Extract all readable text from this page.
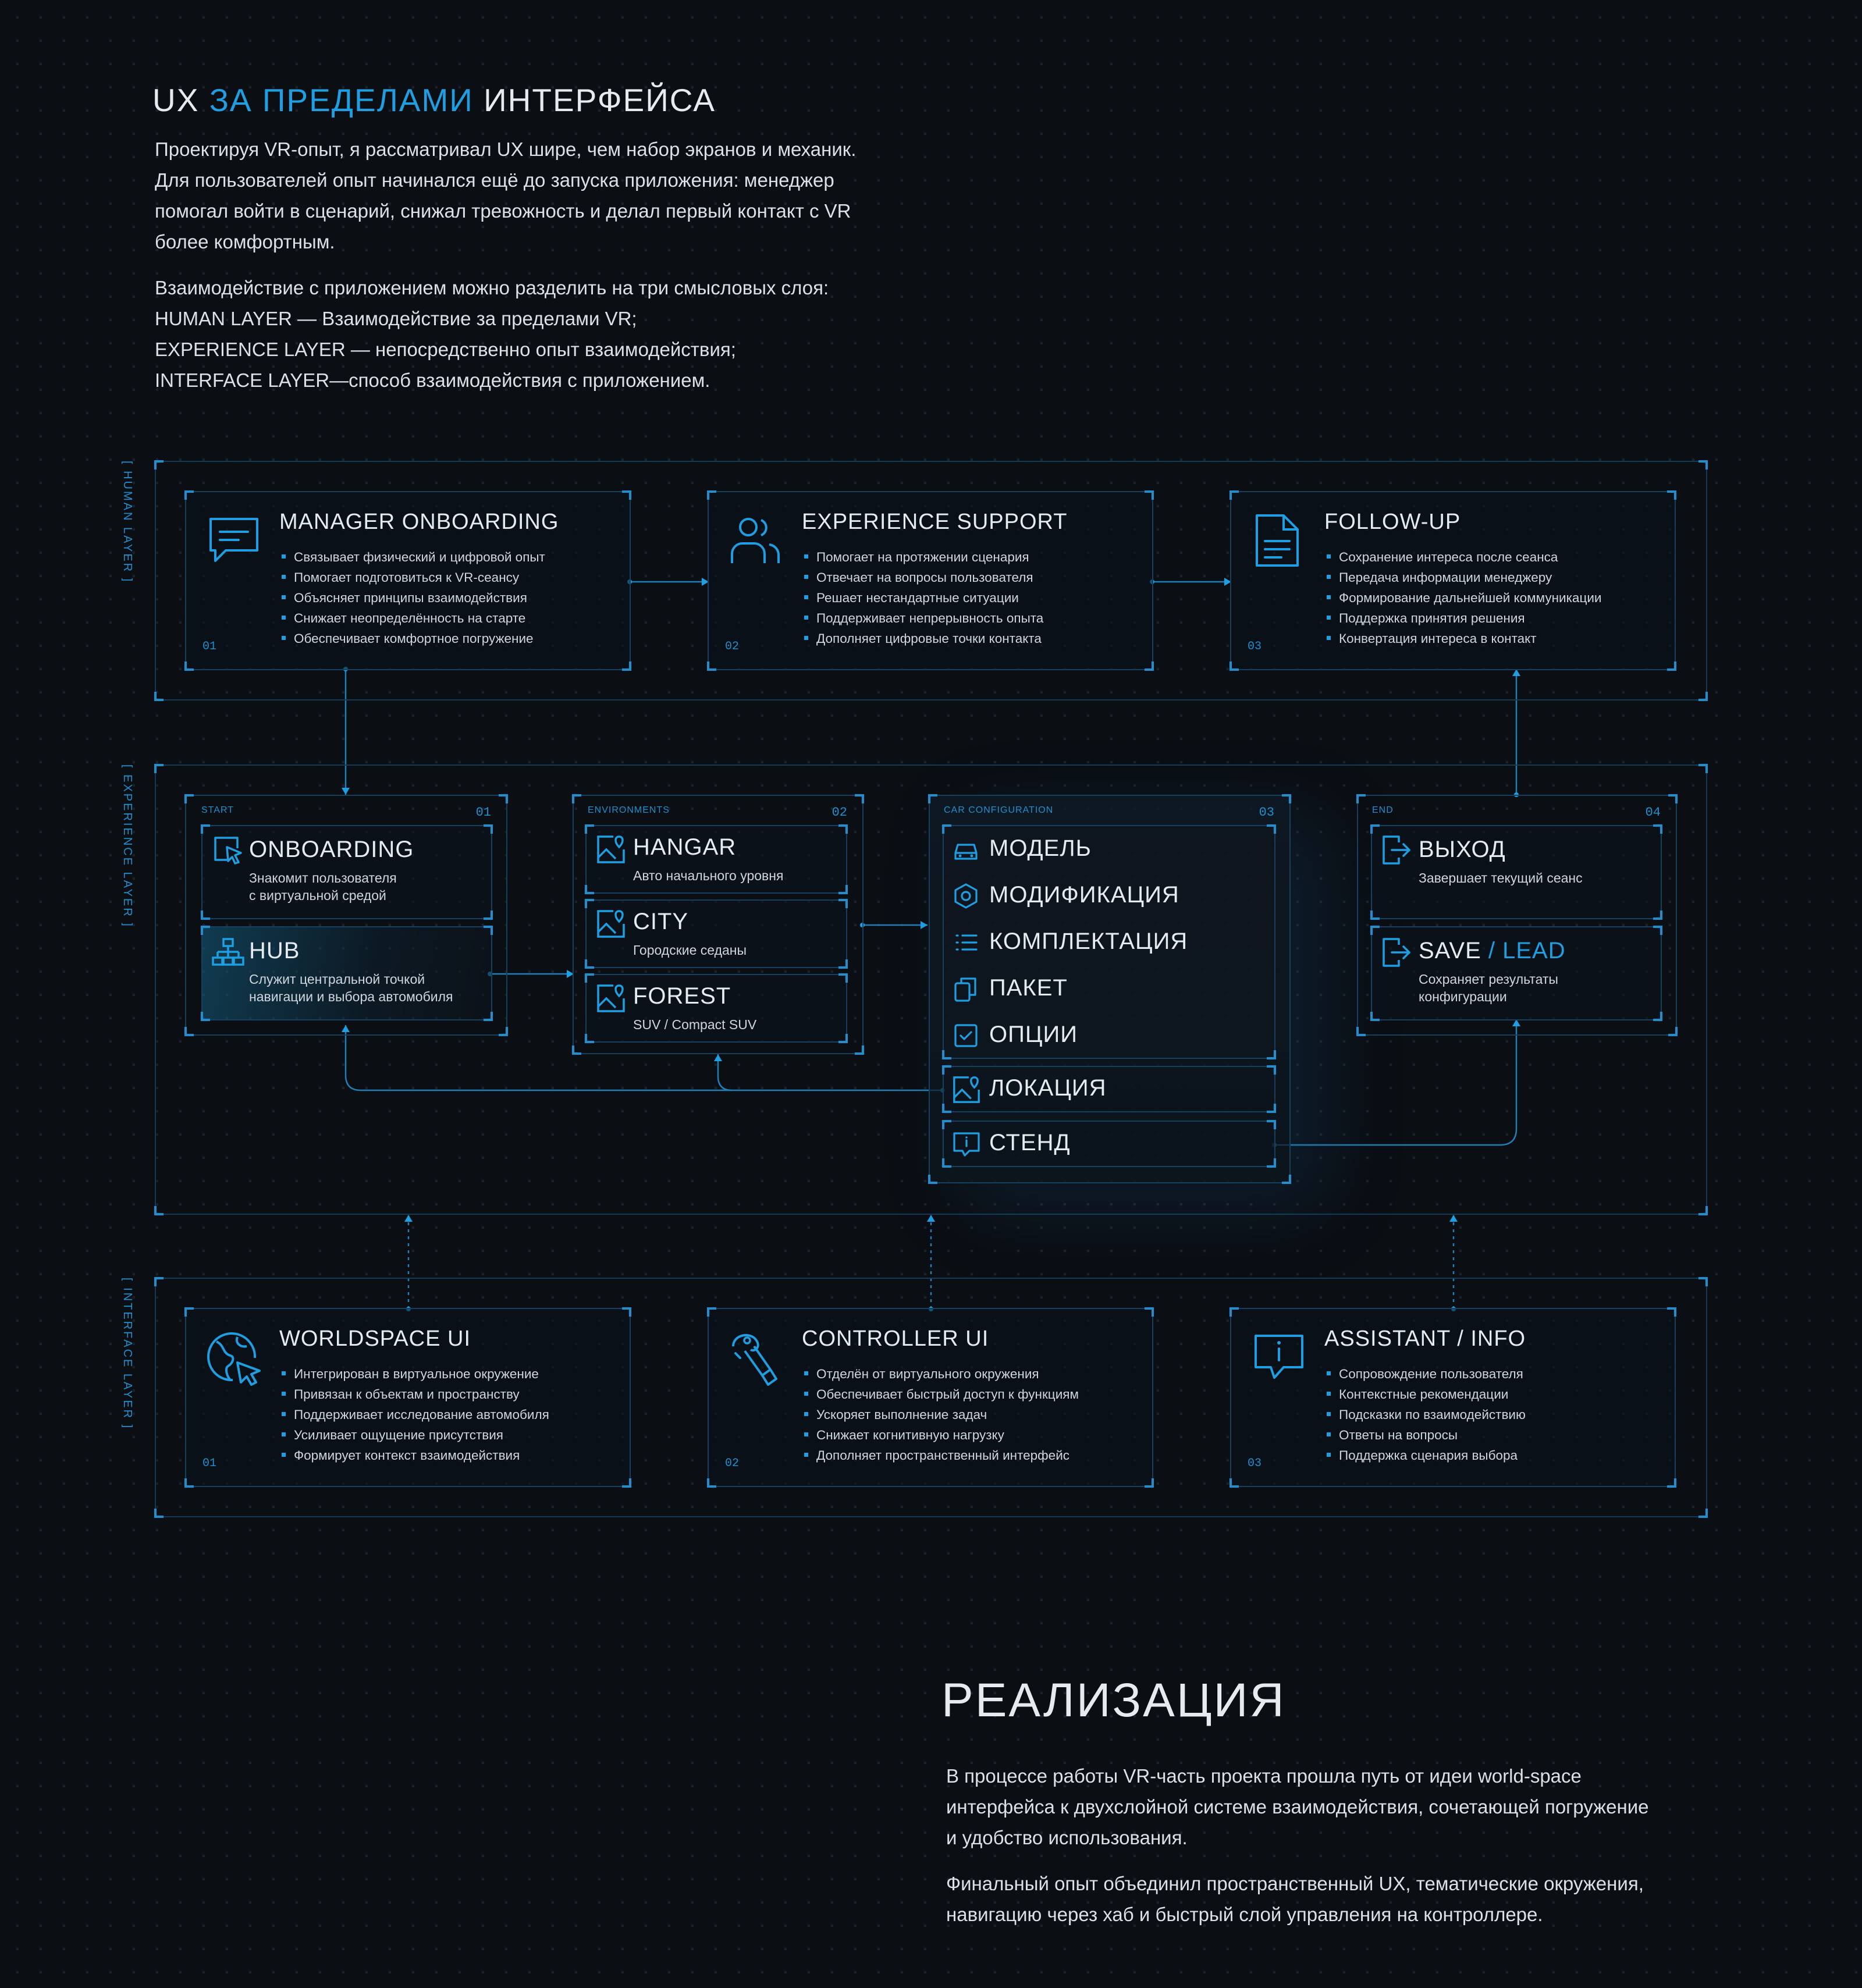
UX ЗА ПРЕДЕЛАМИ ИНТЕРФЕЙСА

Проектируя VR-опыт, я рассматривал UX шире, чем набор экранов и механик.
Для пользователей опыт начинался ещё до запуска приложения: менеджер
помогал войти в сценарий, снижал тревожность и делал первый контакт с VR
более комфортным.

Взаимодействие с приложением можно разделить на три смысловых слоя:
HUMAN LAYER — Взаимодействие за пределами VR;
EXPERIENCE LAYER — непосредственно опыт взаимодействия;
INTERFACE LAYER—способ взаимодействия с приложением.

[ HUMAN LAYER ]	MANAGER ONBOARDING
Связывает физический и цифровой опыт
Помогает подготовиться к VR-сеансу
Объясняет принципы взаимодействия
Снижает неопределённость на старте
Обеспечивает комфортное погружение
01
EXPERIENCE SUPPORT
Помогает на протяжении сценария
Отвечает на вопросы пользователя
Решает нестандартные ситуации
Поддерживает непрерывность опыта
Дополняет цифровые точки контакта
02
FOLLOW-UP
Сохранение интереса после сеанса
Передача информации менеджеру
Формирование дальнейшей коммуникации
Поддержка принятия решения
Конвертация интереса в контакт
03
[ EXPERIENCE LAYER ]	START	01
ONBOARDING
Знакомит пользователя
с виртуальной средой
HUB
Служит центральной точкой
навигации и выбора автомобиля
ENVIRONMENTS	02
HANGAR
Авто начального уровня
CITY
Городские седаны
FOREST
SUV / Compact SUV
CAR CONFIGURATION	03
МОДЕЛЬ
МОДИФИКАЦИЯ
КОМПЛЕКТАЦИЯ
ПАКЕТ
ОПЦИИ
ЛОКАЦИЯ
СТЕНД
END	04
ВЫХОД
Завершает текущий сеанс
SAVE / LEAD
Сохраняет результаты
конфигурации
[ INTERFACE LAYER ]	WORLDSPACE UI
Интегрирован в виртуальное окружение
Привязан к объектам и пространству
Поддерживает исследование автомобиля
Усиливает ощущение присутствия
Формирует контекст взаимодействия
01
CONTROLLER UI
Отделён от виртуального окружения
Обеспечивает быстрый доступ к функциям
Ускоряет выполнение задач
Снижает когнитивную нагрузку
Дополняет пространственный интерфейс
02
ASSISTANT / INFO
Сопровождение пользователя
Контекстные рекомендации
Подсказки по взаимодействию
Ответы на вопросы
Поддержка сценария выбора
03
РЕАЛИЗАЦИЯ

В процессе работы VR-часть проекта прошла путь от идеи world-space
интерфейса к двухслойной системе взаимодействия, сочетающей погружение
и удобство использования.

Финальный опыт объединил пространственный UX, тематические окружения,
навигацию через хаб и быстрый слой управления на контроллере.
